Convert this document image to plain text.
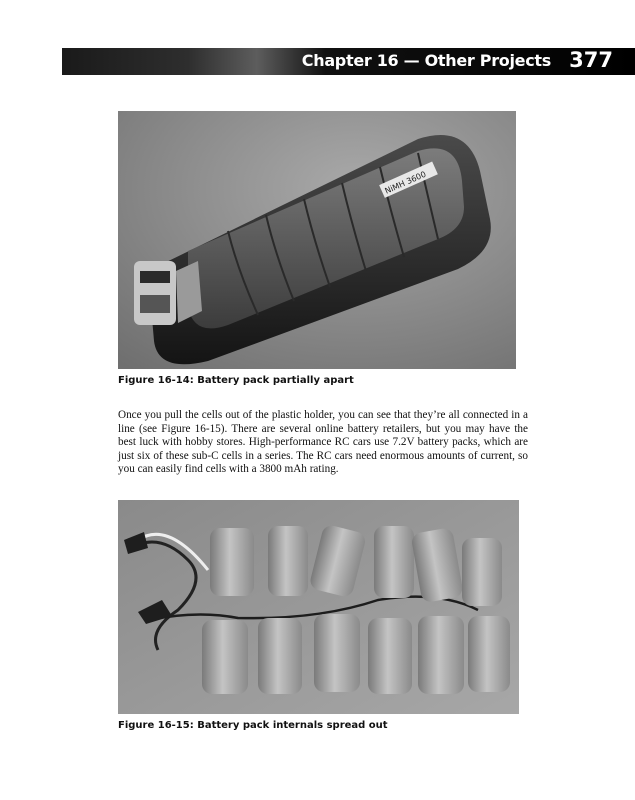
Chapter 16 — Other Projects 377
NiMH 3600
Figure 16-14: Battery pack partially apart
Once you pull the cells out of the plastic holder, you can see that they’re all connected in a line (see Figure 16-15). There are several online battery retailers, but you may have the best luck with hobby stores. High-performance RC cars use 7.2V battery packs, which are just six of these sub-C cells in a series. The RC cars need enormous amounts of current, so you can easily find cells with a 3800 mAh rating.
Figure 16-15: Battery pack internals spread out
